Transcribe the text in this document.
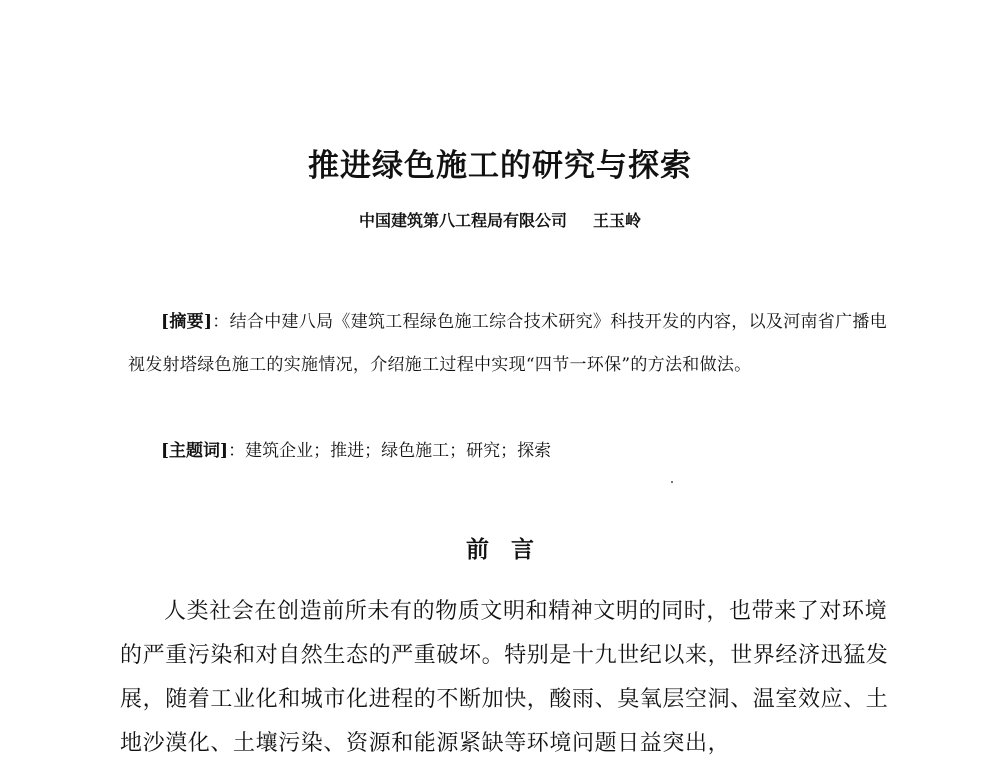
推进绿色施工的研究与探索
中国建筑第八工程局有限公司 王玉岭
[摘要]：结合中建八局《建筑工程绿色施工综合技术研究》科技开发的内容，以及河南省广播电视发射塔绿色施工的实施情况，介绍施工过程中实现“四节一环保”的方法和做法。
[主题词]：建筑企业；推进；绿色施工；研究；探索
前言
人类社会在创造前所未有的物质文明和精神文明的同时，也带来了对环境的严重污染和对自然生态的严重破坏。特别是十九世纪以来，世界经济迅猛发展，随着工业化和城市化进程的不断加快，酸雨、臭氧层空洞、温室效应、土地沙漠化、土壤污染、资源和能源紧缺等环境问题日益突出，
